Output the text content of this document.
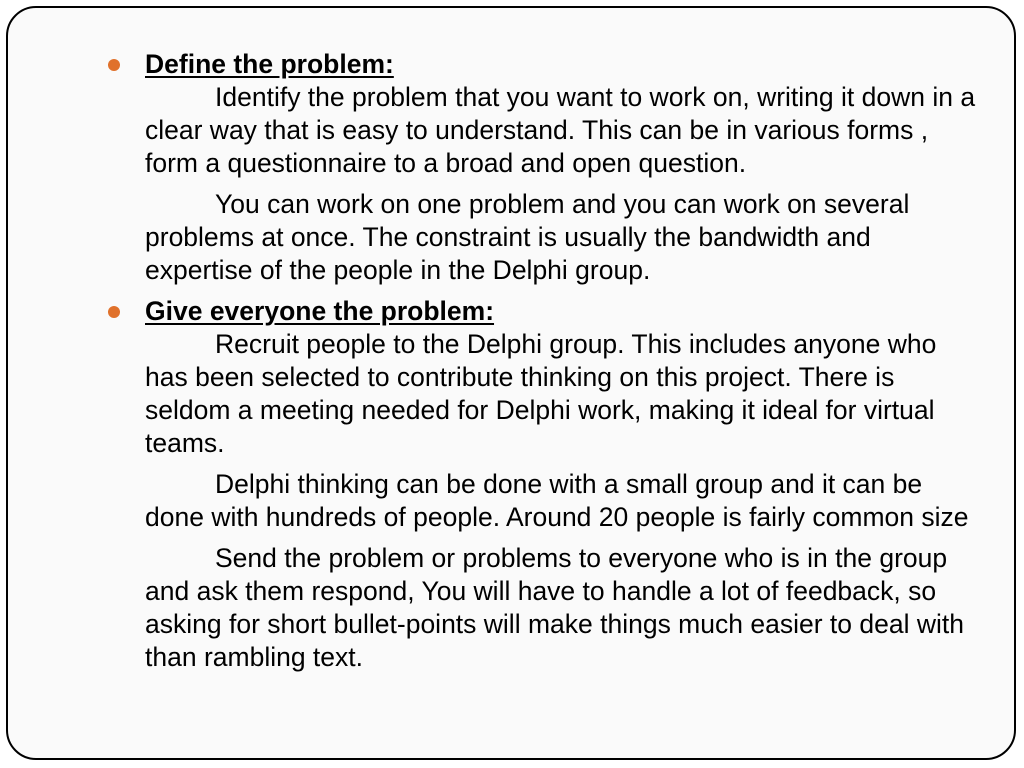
Define the problem:

Identify the problem that you want to work on, writing it down in a clear way that is easy to understand. This can be in various forms , form a questionnaire to a broad and open question.

You can work on one problem and you can work on several problems at once. The constraint is usually the bandwidth and expertise of the people in the Delphi group.

Give everyone the problem:

Recruit people to the Delphi group. This includes anyone who has been selected to contribute thinking on this project. There is seldom a meeting needed for Delphi work, making it ideal for virtual teams.

Delphi thinking can be done with a small group and it can be done with hundreds of people. Around 20 people is fairly common size

Send the problem or problems to everyone who is in the group and ask them respond, You will have to handle a lot of feedback, so asking for short bullet-points will make things much easier to deal with than rambling text.
